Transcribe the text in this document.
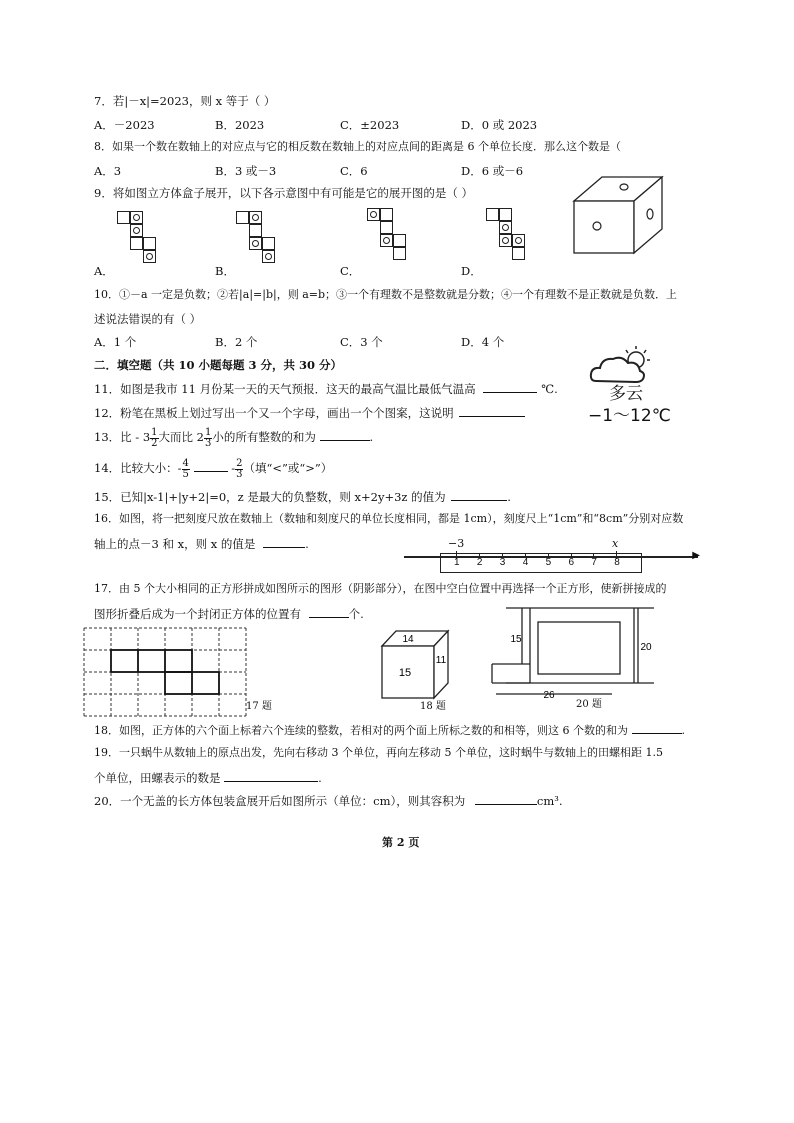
7．若|－x|=2023，则 x 等于（ ）
A．－2023	B．2023	C．±2023	D．0 或 2023
8．如果一个数在数轴上的对应点与它的相反数在数轴上的对应点间的距离是 6 个单位长度．那么这个数是（
A．3	B．3 或－3	C．6	D．6 或－6
9．将如图立方体盒子展开，以下各示意图中有可能是它的展开图的是（ ）
A．	B．	C．	D．
10．①－a 一定是负数；②若|a|=|b|，则 a=b；③一个有理数不是整数就是分数；④一个有理数不是正数就是负数．上
述说法错误的有（ ）
A．1 个	B．2 个	C．3 个	D．4 个
二．填空题（共 10 小题每题 3 分，共 30 分）
多云
−1～12℃
11．如图是我市 11 月份某一天的天气预报．这天的最高气温比最低气温高	℃.
12．粉笔在黑板上划过写出一个又一个字母，画出一个个图案，这说明
13．比 - $3 \frac{1}{2}$ 大而比 $2 \frac{1}{3}$ 小的所有整数的和为	.
14．比较大小：- $\frac{4}{5}$	- $\frac{2}{3}$ （填“<”或“>”）
15．已知|x-1|+|y+2|=0，z 是最大的负整数，则 x+2y+3z 的值为	.
16．如图，将一把刻度尺放在数轴上（数轴和刻度尺的单位长度相同，都是 1cm），刻度尺上“1cm”和“8cm”分别对应数
轴上的点－3 和 x，则 x 的值是	.
▶
−3	x
1 2 3 4 5 6 7 8
17．由 5 个大小相同的正方形拼成如图所示的图形（阴影部分），在图中空白位置中再选择一个正方形，使新拼接成的
图形折叠后成为一个封闭正方体的位置有	个.
17 题
14
15
11
18 题
15
20
26
20 题
18．如图，正方体的六个面上标着六个连续的整数，若相对的两个面上所标之数的和相等，则这 6 个数的和为	.
19．一只蜗牛从数轴上的原点出发，先向右移动 3 个单位，再向左移动 5 个单位，这时蜗牛与数轴上的田螺相距 1.5
个单位，田螺表示的数是	.
20．一个无盖的长方体包装盒展开后如图所示（单位：cm），则其容积为	cm³.
第 2 页
